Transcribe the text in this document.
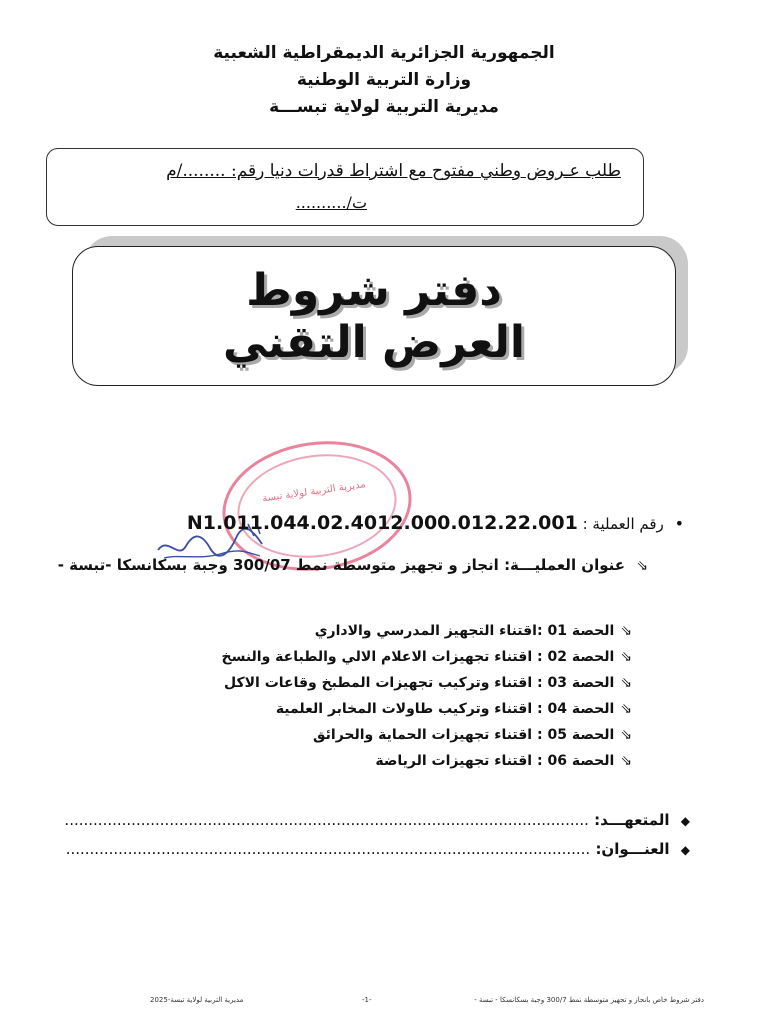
الجمهورية الجزائرية الديمقراطية الشعبية
وزارة التربية الوطنية
مديرية التربية لولاية تبســـة
طلب عـروض وطني مفتوح مع اشتراط قدرات دنيا رقم: ......../م
ت/..........
دفتر شروط
العرض التقني
مديرية التربية لولاية تبسة
• رقم العملية : N1.011.044.02.4012.000.012.22.001
⇘ عنوان العمليـــة: انجاز و تجهيز متوسطة نمط 300/07 وجبة بسكانسكا -تبسة -
⇘الحصة 01 :اقتناء التجهيز المدرسي والاداري
⇘الحصة 02 : اقتناء تجهيزات الاعلام الالي والطباعة والنسخ
⇘الحصة 03 : اقتناء وتركيب تجهيزات المطبخ وقاعات الاكل
⇘الحصة 04 : اقتناء وتركيب طاولات المخابر العلمية
⇘الحصة 05 : اقتناء تجهيزات الحماية والحرائق
⇘الحصة 06 : اقتناء تجهيزات الرياضة
◆ المتعهـــد: ..............................................................................................................
◆ العنـــوان: ..............................................................................................................
دفتر شروط خاص بانجاز و تجهيز متوسطة نمط 300/7 وجبة بسكانسكا - تبسة -
-1-
مديرية التربية لولاية تبسة-2025
